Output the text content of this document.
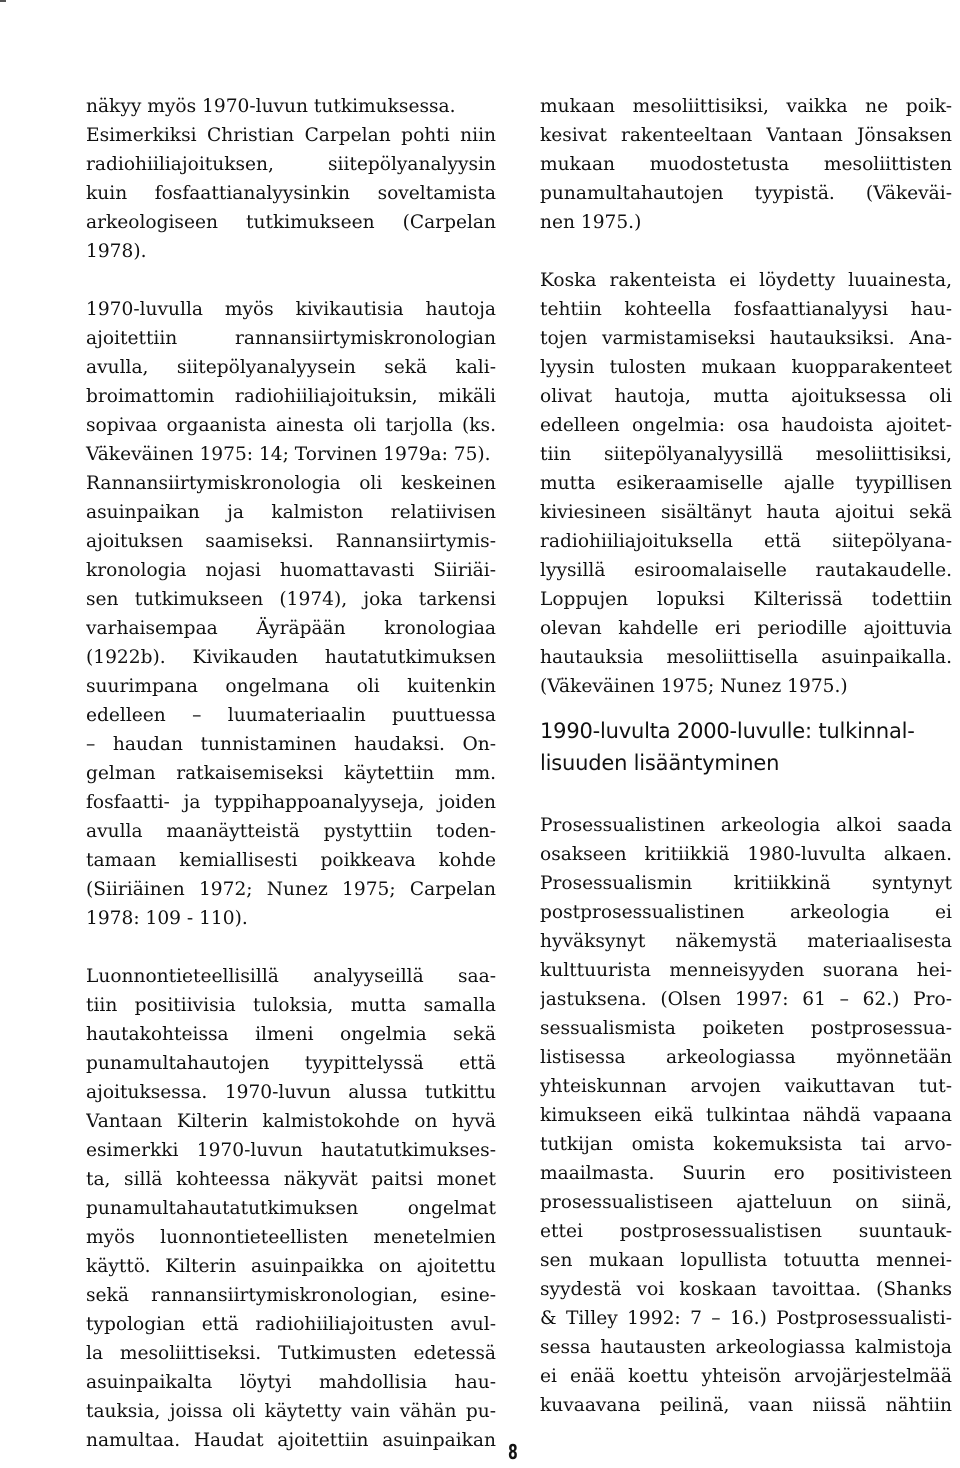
näkyy myös 1970-luvun tutkimuksessa.
Esimerkiksi Christian Carpelan pohti niin
radiohiiliajoituksen, siitepölyanalyysin
kuin fosfaattianalyysinkin soveltamista
arkeologiseen tutkimukseen (Carpelan
1978).
1970-luvulla myös kivikautisia hautoja
ajoitettiin rannansiirtymiskronologian
avulla, siitepölyanalyysein sekä kali-
broimattomin radiohiiliajoituksin, mikäli
sopivaa orgaanista ainesta oli tarjolla (ks.
Väkeväinen 1975: 14; Torvinen 1979a: 75).
Rannansiirtymiskronologia oli keskeinen
asuinpaikan ja kalmiston relatiivisen
ajoituksen saamiseksi. Rannansiirtymis-
kronologia nojasi huomattavasti Siiriäi-
sen tutkimukseen (1974), joka tarkensi
varhaisempaa Äyräpään kronologiaa
(1922b). Kivikauden hautatutkimuksen
suurimpana ongelmana oli kuitenkin
edelleen – luumateriaalin puuttuessa
– haudan tunnistaminen haudaksi. On-
gelman ratkaisemiseksi käytettiin mm.
fosfaatti- ja typpihappoanalyyseja, joiden
avulla maanäytteistä pystyttiin toden-
tamaan kemiallisesti poikkeava kohde
(Siiriäinen 1972; Nunez 1975; Carpelan
1978: 109 - 110).
Luonnontieteellisillä analyyseillä saa-
tiin positiivisia tuloksia, mutta samalla
hautakohteissa ilmeni ongelmia sekä
punamultahautojen tyypittelyssä että
ajoituksessa. 1970-luvun alussa tutkittu
Vantaan Kilterin kalmistokohde on hyvä
esimerkki 1970-luvun hautatutkimukses-
ta, sillä kohteessa näkyvät paitsi monet
punamultahautatutkimuksen ongelmat
myös luonnontieteellisten menetelmien
käyttö. Kilterin asuinpaikka on ajoitettu
sekä rannansiirtymiskronologian, esine-
typologian että radiohiiliajoitusten avul-
la mesoliittiseksi. Tutkimusten edetessä
asuinpaikalta löytyi mahdollisia hau-
tauksia, joissa oli käytetty vain vähän pu-
namultaa. Haudat ajoitettiin asuinpaikan
mukaan mesoliittisiksi, vaikka ne poik-
kesivat rakenteeltaan Vantaan Jönsaksen
mukaan muodostetusta mesoliittisten
punamultahautojen tyypistä. (Väkeväi-
nen 1975.)
Koska rakenteista ei löydetty luuainesta,
tehtiin kohteella fosfaattianalyysi hau-
tojen varmistamiseksi hautauksiksi. Ana-
lyysin tulosten mukaan kuopparakenteet
olivat hautoja, mutta ajoituksessa oli
edelleen ongelmia: osa haudoista ajoitet-
tiin siitepölyanalyysillä mesoliittisiksi,
mutta esikeraamiselle ajalle tyypillisen
kiviesineen sisältänyt hauta ajoitui sekä
radiohiiliajoituksella että siitepölyana-
lyysillä esiroomalaiselle rautakaudelle.
Loppujen lopuksi Kilterissä todettiin
olevan kahdelle eri periodille ajoittuvia
hautauksia mesoliittisella asuinpaikalla.
(Väkeväinen 1975; Nunez 1975.)
1990-luvulta 2000-luvulle: tulkinnal-
lisuuden lisääntyminen
Prosessualistinen arkeologia alkoi saada
osakseen kritiikkiä 1980-luvulta alkaen.
Prosessualismin kritiikkinä syntynyt
postprosessualistinen arkeologia ei
hyväksynyt näkemystä materiaalisesta
kulttuurista menneisyyden suorana hei-
jastuksena. (Olsen 1997: 61 – 62.) Pro-
sessualismista poiketen postprosessua-
listisessa arkeologiassa myönnetään
yhteiskunnan arvojen vaikuttavan tut-
kimukseen eikä tulkintaa nähdä vapaana
tutkijan omista kokemuksista tai arvo-
maailmasta. Suurin ero positivisteen
prosessualistiseen ajatteluun on siinä,
ettei postprosessualistisen suuntauk-
sen mukaan lopullista totuutta mennei-
syydestä voi koskaan tavoittaa. (Shanks
& Tilley 1992: 7 – 16.) Postprosessualisti-
sessa hautausten arkeologiassa kalmistoja
ei enää koettu yhteisön arvojärjestelmää
kuvaavana peilinä, vaan niissä nähtiin
8
